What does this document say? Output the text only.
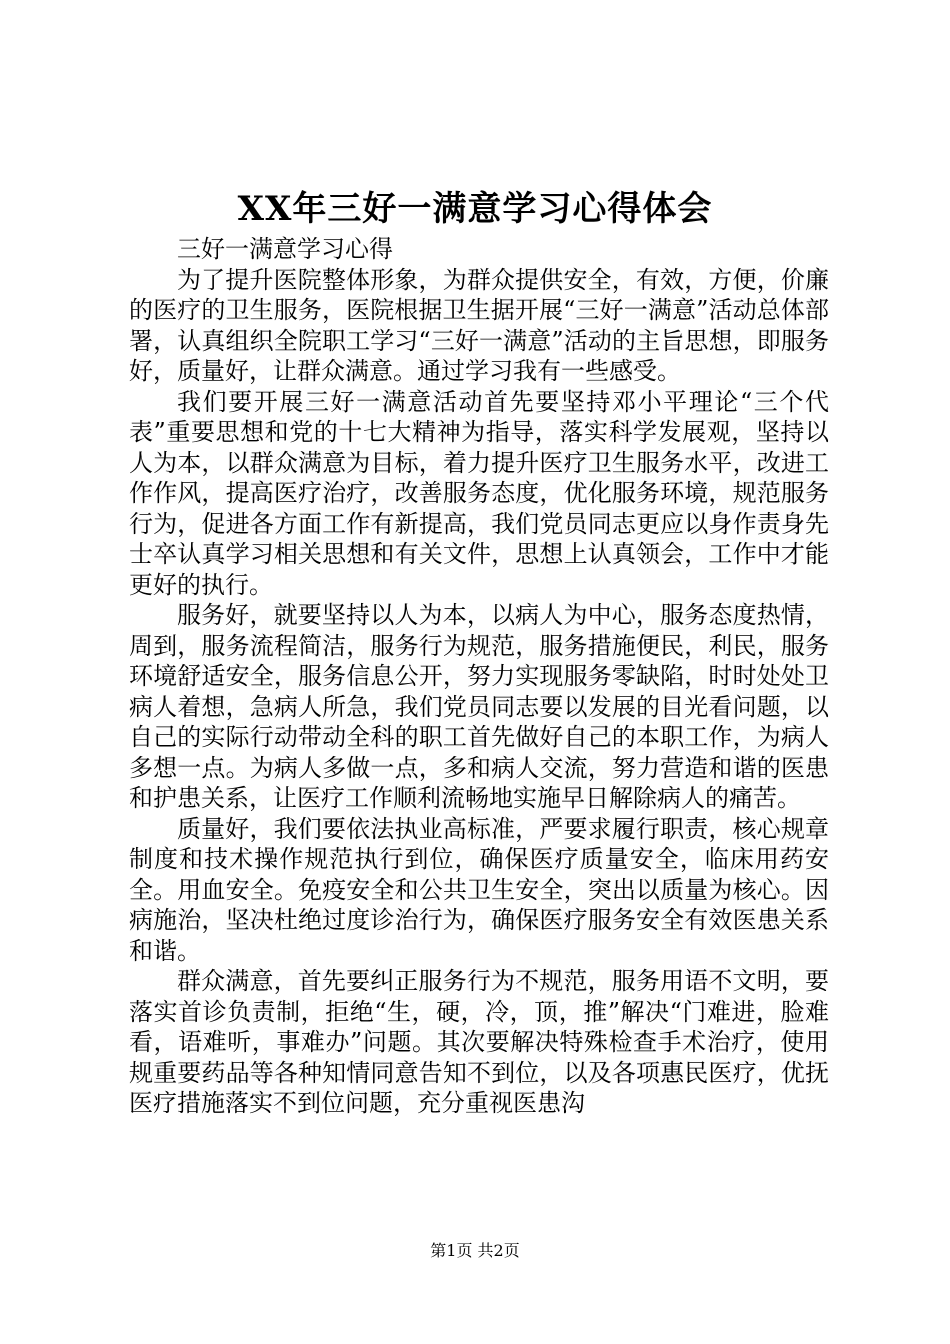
XX年三好一满意学习心得体会

三好一满意学习心得

为了提升医院整体形象，为群众提供安全，有效，方便，价廉的医疗的卫生服务，医院根据卫生据开展“三好一满意”活动总体部署，认真组织全院职工学习“三好一满意”活动的主旨思想，即服务好，质量好，让群众满意。通过学习我有一些感受。

我们要开展三好一满意活动首先要坚持邓小平理论“三个代表”重要思想和党的十七大精神为指导，落实科学发展观，坚持以人为本，以群众满意为目标，着力提升医疗卫生服务水平，改进工作作风，提高医疗治疗，改善服务态度，优化服务环境，规范服务行为，促进各方面工作有新提高，我们党员同志更应以身作责身先士卒认真学习相关思想和有关文件，思想上认真领会，工作中才能更好的执行。

服务好，就要坚持以人为本，以病人为中心，服务态度热情，周到，服务流程简洁，服务行为规范，服务措施便民，利民，服务环境舒适安全，服务信息公开，努力实现服务零缺陷，时时处处卫病人着想，急病人所急，我们党员同志要以发展的目光看问题，以自己的实际行动带动全科的职工首先做好自己的本职工作，为病人多想一点。为病人多做一点，多和病人交流，努力营造和谐的医患和护患关系，让医疗工作顺利流畅地实施早日解除病人的痛苦。

质量好，我们要依法执业高标准，严要求履行职责，核心规章制度和技术操作规范执行到位，确保医疗质量安全，临床用药安全。用血安全。免疫安全和公共卫生安全，突出以质量为核心。因病施治，坚决杜绝过度诊治行为，确保医疗服务安全有效医患关系和谐。

群众满意，首先要纠正服务行为不规范，服务用语不文明，要落实首诊负责制，拒绝“生，硬，冷，顶，推”解决“门难进，脸难看，语难听，事难办”问题。其次要解决特殊检查手术治疗，使用规重要药品等各种知情同意告知不到位，以及各项惠民医疗，优抚医疗措施落实不到位问题，充分重视医患沟

第1页 共2页
